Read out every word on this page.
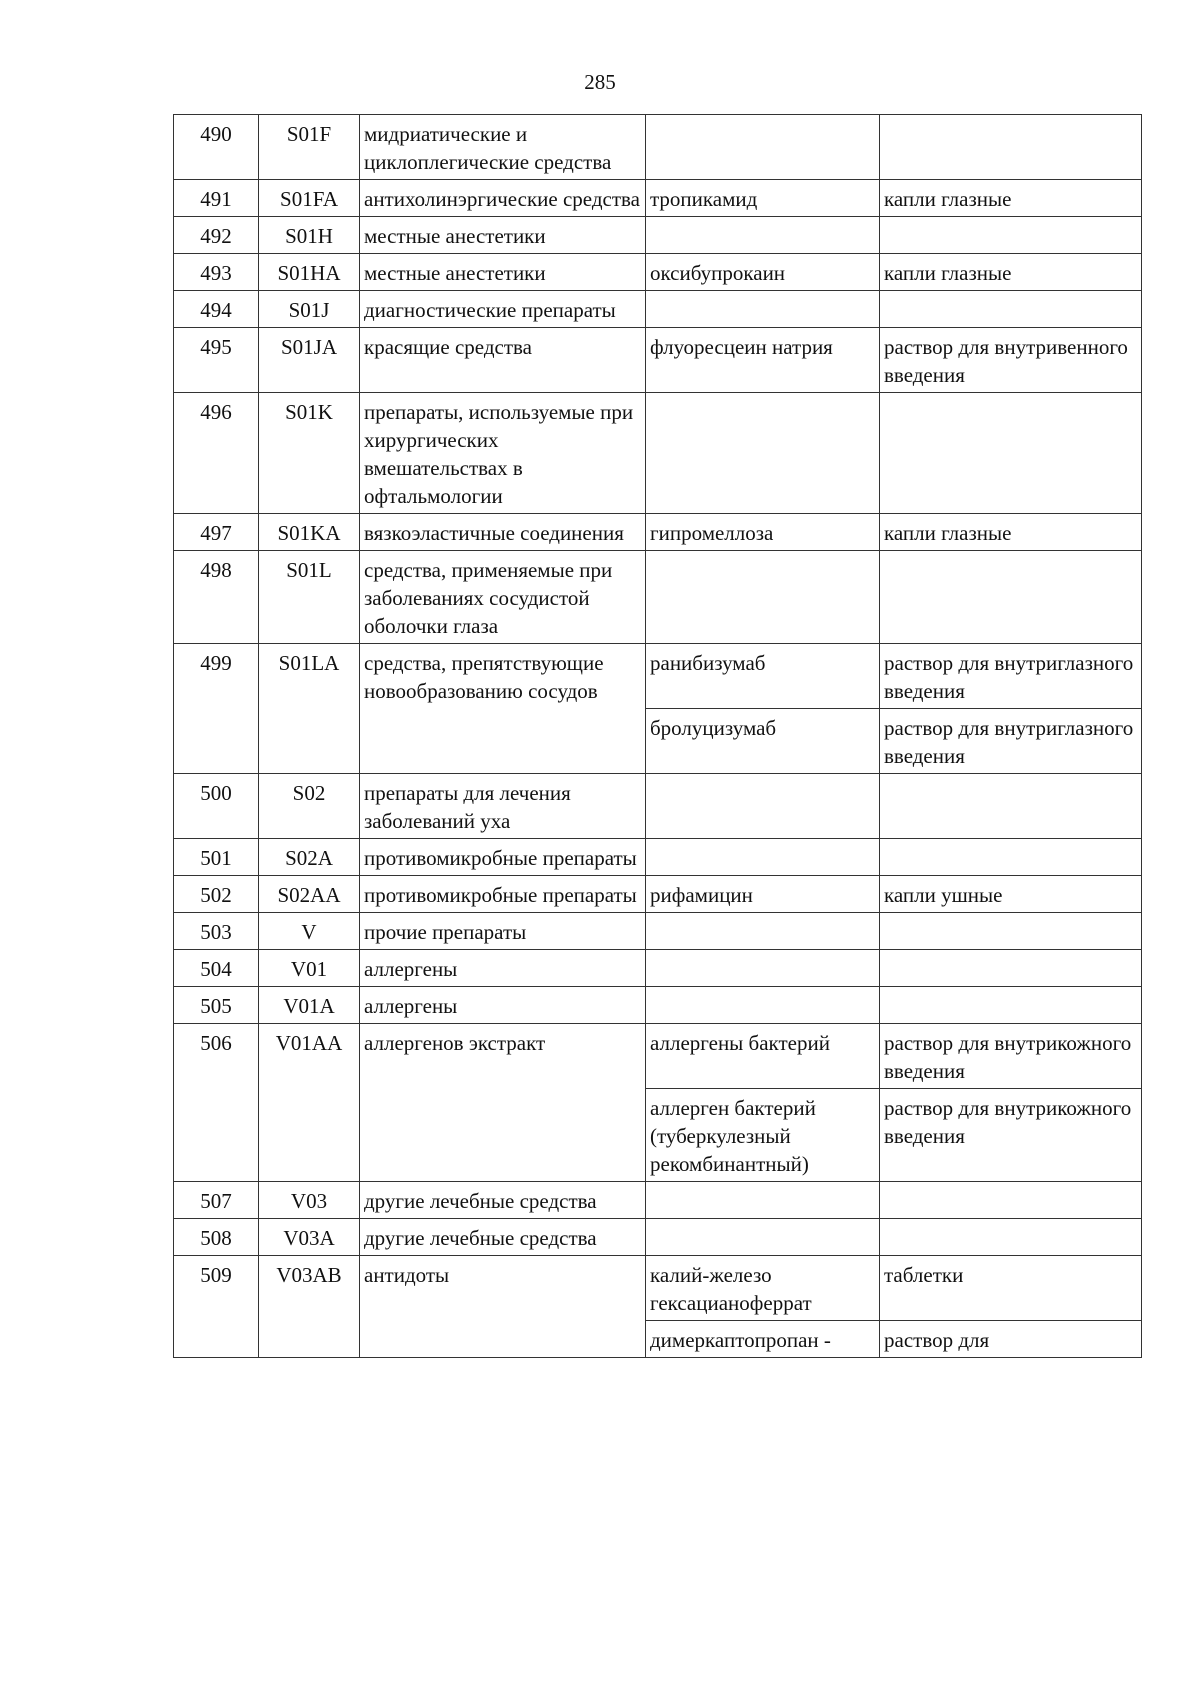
285
490	S01F	мидриатические и циклоплегические средства		
491	S01FA	антихолинэргические средства	тропикамид	капли глазные
492	S01H	местные анестетики		
493	S01HA	местные анестетики	оксибупрокаин	капли глазные
494	S01J	диагностические препараты		
495	S01JA	красящие средства	флуоресцеин натрия	раствор для внутривенного введения
496	S01K	препараты, используемые при хирургических вмешательствах в офтальмологии		
497	S01KA	вязкоэластичные соединения	гипромеллоза	капли глазные
498	S01L	средства, применяемые при заболеваниях сосудистой оболочки глаза		
499	S01LA	средства, препятствующие новообразованию сосудов	ранибизумаб	раствор для внутриглазного введения
			бролуцизумаб	раствор для внутриглазного введения
500	S02	препараты для лечения заболеваний уха		
501	S02A	противомикробные препараты		
502	S02AA	противомикробные препараты	рифамицин	капли ушные
503	V	прочие препараты		
504	V01	аллергены		
505	V01A	аллергены		
506	V01AA	аллергенов экстракт	аллергены бактерий	раствор для внутрикожного введения
			аллерген бактерий (туберкулезный рекомбинантный)	раствор для внутрикожного введения
507	V03	другие лечебные средства		
508	V03A	другие лечебные средства		
509	V03AB	антидоты	калий-железо гексацианоферрат	таблетки
			димеркаптопропан -	раствор для
